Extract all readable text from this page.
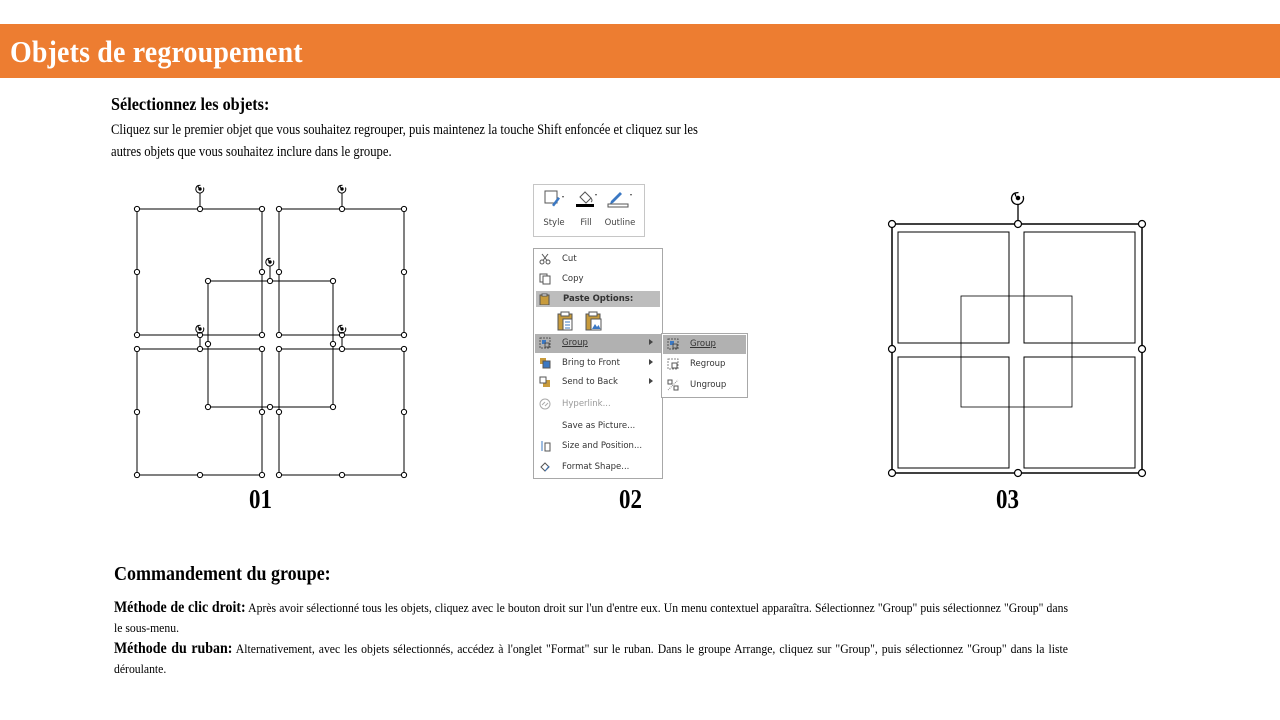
Objets de regroupement
Sélectionnez les objets:
Cliquez sur le premier objet que vous souhaitez regrouper, puis maintenez la touche Shift enfoncée et cliquez sur les autres objets que vous souhaitez inclure dans le groupe.
01
Style	Fill	Outline
Cut
Copy
Paste Options:
Group
Bring to Front
Send to Back
Hyperlink...
Save as Picture...
Size and Position...
Format Shape...
Group
Regroup
Ungroup
02	03
Commandement du groupe:
Méthode de clic droit: Après avoir sélectionné tous les objets, cliquez avec le bouton droit sur l'un d'entre eux. Un menu contextuel apparaîtra. Sélectionnez "Group" puis sélectionnez "Group" dans le sous-menu.
Méthode du ruban: Alternativement, avec les objets sélectionnés, accédez à l'onglet "Format" sur le ruban. Dans le groupe Arrange, cliquez sur "Group", puis sélectionnez "Group" dans la liste déroulante.
